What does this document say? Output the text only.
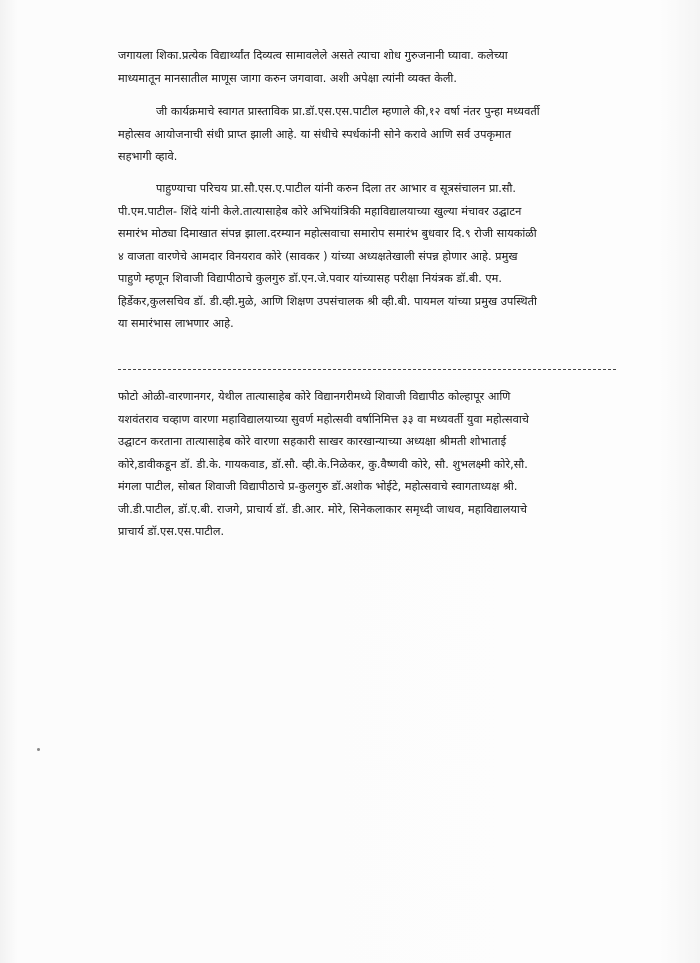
जगायला शिका.प्रत्येक विद्यार्थ्यांत दिव्यत्व सामावलेले असते त्याचा शोध गुरुजनानी घ्यावा. कलेच्या
माध्यमातून मानसातील माणूस जागा करुन जगवावा. अशी अपेक्षा त्यांनी व्यक्त केली.
जी कार्यक्रमाचे स्वागत प्रास्ताविक प्रा.डॉ.एस.एस.पाटील म्हणाले की,१२ वर्षा नंतर पुन्हा मध्यवर्ती
महोत्सव आयोजनाची संधी प्राप्त झाली आहे. या संधीचे स्पर्धकांनी सोने करावे आणि सर्व उपकृमात
सहभागी व्हावे.
पाहुण्याचा परिचय प्रा.सौ.एस.ए.पाटील यांनी करुन दिला तर आभार व सूत्रसंचालन प्रा.सौ.
पी.एम.पाटील- शिंदे यांनी केले.तात्यासाहेब कोरे अभियांत्रिकी महाविद्यालयाच्या खुल्या मंचावर उद्घाटन
समारंभ मोठ्या दिमाखात संपन्न झाला.दरम्यान महोत्सवाचा समारोप समारंभ बुधवार दि.९ रोजी सायकांळी
४ वाजता वारणेचे आमदार विनयराव कोरे (सावकर ) यांच्या अध्यक्षतेखाली संपन्न होणार आहे. प्रमुख
पाहुणे म्हणून शिवाजी विद्यापीठाचे कुलगुरु डॉ.एन.जे.पवार यांच्यासह परीक्षा नियंत्रक डॉ.बी. एम.
हिर्डेकर,कुलसचिव डॉ. डी.व्ही.मुळे, आणि शिक्षण उपसंचालक श्री व्ही.बी. पायमल यांच्या प्रमुख उपस्थिती
या समारंभास लाभणार आहे.
फोटो ओळी-वारणानगर, येथील तात्यासाहेब कोरे विद्यानगरीमध्ये शिवाजी विद्यापीठ कोल्हापूर आणि
यशवंतराव चव्हाण वारणा महाविद्यालयाच्या सुवर्ण महोत्सवी वर्षानिमित्त ३३ वा मध्यवर्ती युवा महोत्सवाचे
उद्घाटन करताना तात्यासाहेब कोरे वारणा सहकारी साखर कारखान्याच्या अध्यक्षा श्रीमती शोभाताई
कोरे,डावीकडून डॉ. डी.के. गायकवाड, डॉ.सौ. व्ही.के.निळेकर, कु.वैष्णवी कोरे, सौ. शुभलक्ष्मी कोरे,सौ.
मंगला पाटील, सोबत शिवाजी विद्यापीठाचे प्र-कुलगुरु डॉ.अशोक भोईटे, महोत्सवाचे स्वागताध्यक्ष श्री.
जी.डी.पाटील, डॉ.ए.बी. राजगे, प्राचार्य डॉ. डी.आर. मोरे, सिनेकलाकार समृध्दी जाधव, महाविद्यालयाचे
प्राचार्य डॉ.एस.एस.पाटील.
